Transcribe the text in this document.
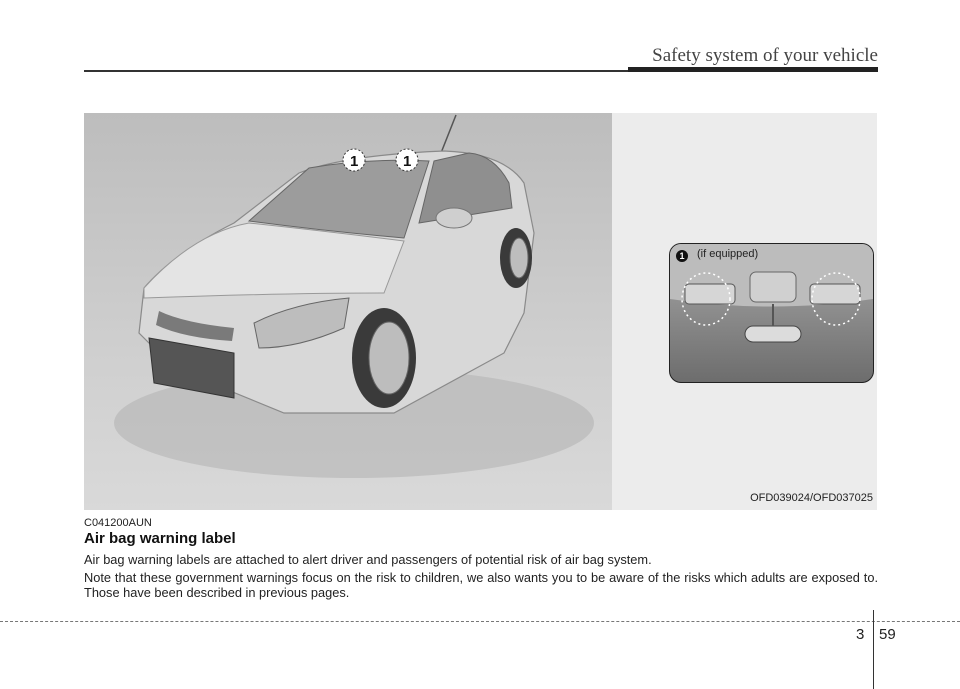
Safety system of your vehicle
1	1
1	(if equipped)
OFD039024/OFD037025
C041200AUN
Air bag warning label
Air bag warning labels are attached to alert driver and passengers of potential risk of air bag system.
Note that these government warnings focus on the risk to children, we also wants you to be aware of the risks which adults are exposed to. Those have been described in previous pages.
3 59
